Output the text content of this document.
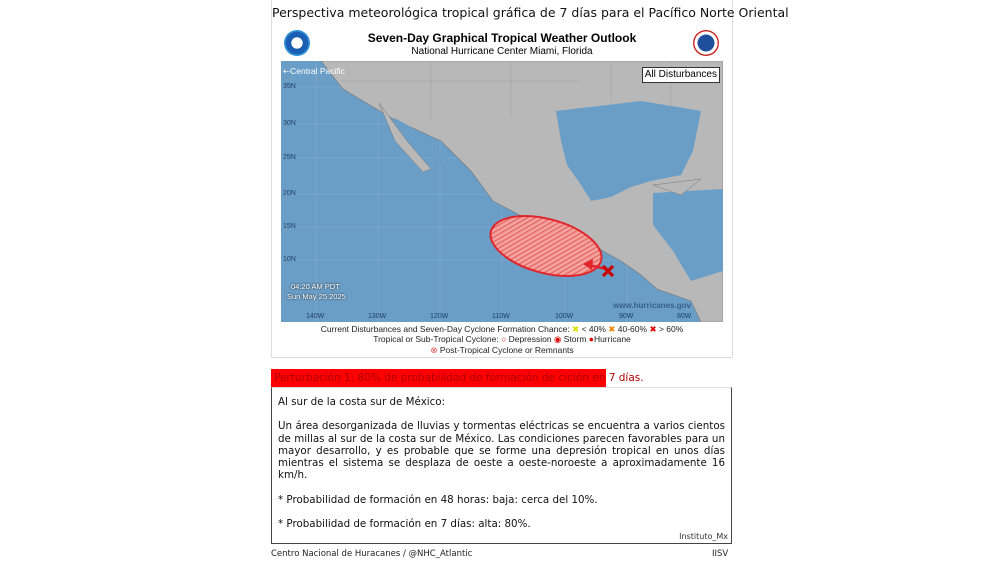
Perspectiva meteorológica tropical gráfica de 7 días para el Pacífico Norte Oriental
Seven-Day Graphical Tropical Weather Outlook
National Hurricane Center Miami, Florida
⇠Central Pacific	All Disturbances
35N
30N
25N
20N
15N
10N
140W	130W	120W	110W	100W	90W	80W
04:20 AM PDT
Sun May 25 2025
www.hurricanes.gov
Current Disturbances and Seven-Day Cyclone Formation Chance: ✖ < 40% ✖ 40-60% ✖ > 60%
Tropical or Sub-Tropical Cyclone: ○ Depression ◉ Storm ●Hurricane
⊗ Post-Tropical Cyclone or Remnants
Perturbación 1: 80% de probabilidad de formación de ciclón en 7 días.

Al sur de la costa sur de México:

Un área desorganizada de lluvias y tormentas eléctricas se encuentra a varios cientos de millas al sur de la costa sur de México. Las condiciones parecen favorables para un mayor desarrollo, y es probable que se forme una depresión tropical en unos días mientras el sistema se desplaza de oeste a oeste-noroeste a aproximadamente 16 km/h.

* Probabilidad de formación en 48 horas: baja: cerca del 10%.

* Probabilidad de formación en 7 días: alta: 80%.

Instituto_Mx
Centro Nacional de Huracanes / @NHC_Atlantic	IISV
